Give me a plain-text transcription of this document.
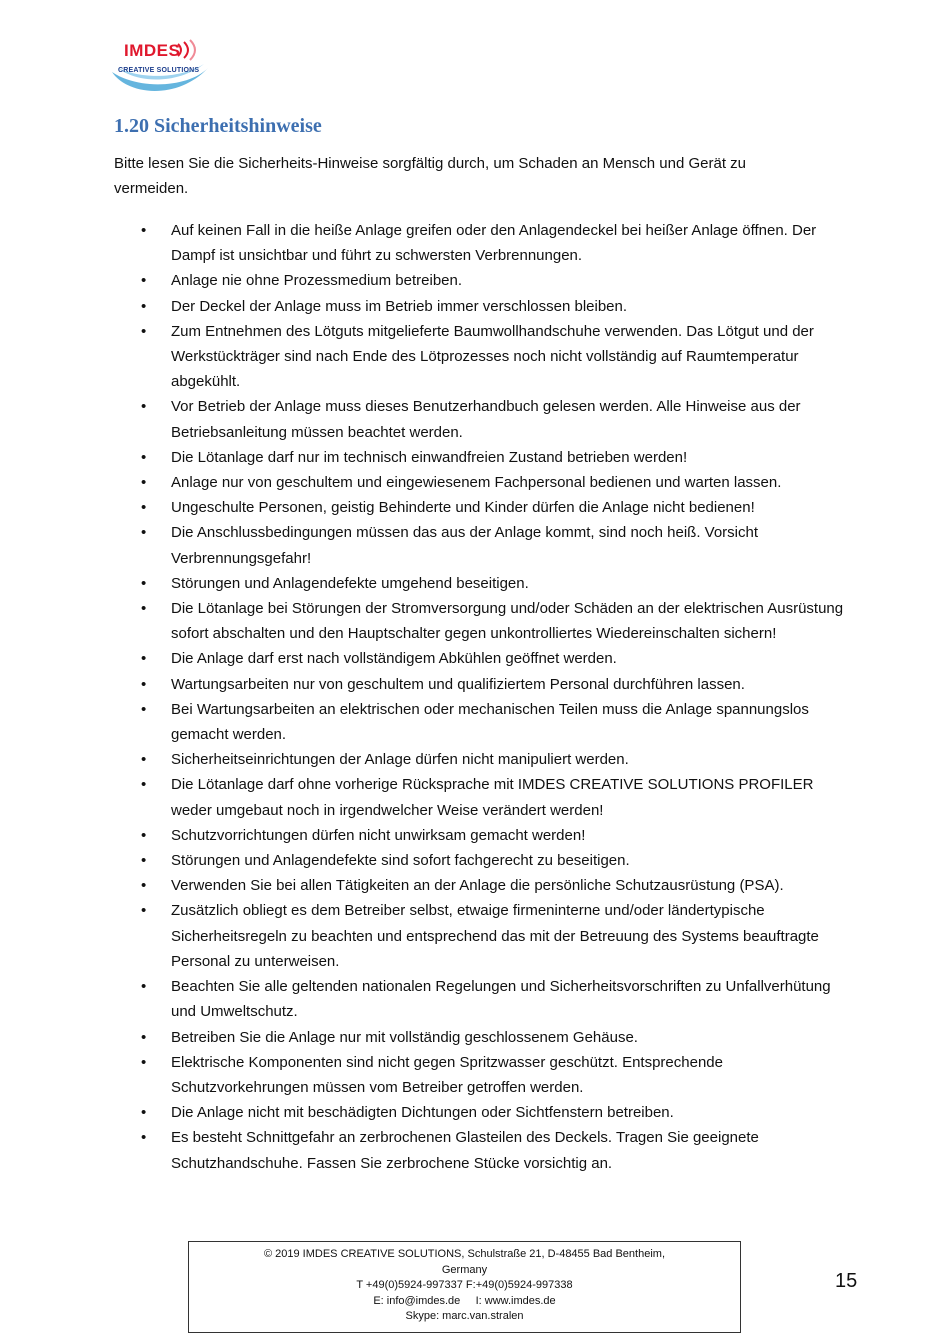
IMDES
CREATIVE SOLUTIONS
1.20 Sicherheitshinweise

Bitte lesen Sie die Sicherheits-Hinweise sorgfältig durch, um Schaden an Mensch und Gerät zu vermeiden.

• Auf keinen Fall in die heiße Anlage greifen oder den Anlagendeckel bei heißer Anlage öffnen. Der Dampf ist unsichtbar und führt zu schwersten Verbrennungen.
• Anlage nie ohne Prozessmedium betreiben.
• Der Deckel der Anlage muss im Betrieb immer verschlossen bleiben.
• Zum Entnehmen des Lötguts mitgelieferte Baumwollhandschuhe verwenden. Das Lötgut und der Werkstückträger sind nach Ende des Lötprozesses noch nicht vollständig auf Raumtemperatur abgekühlt.
• Vor Betrieb der Anlage muss dieses Benutzerhandbuch gelesen werden. Alle Hinweise aus der Betriebsanleitung müssen beachtet werden.
• Die Lötanlage darf nur im technisch einwandfreien Zustand betrieben werden!
• Anlage nur von geschultem und eingewiesenem Fachpersonal bedienen und warten lassen.
• Ungeschulte Personen, geistig Behinderte und Kinder dürfen die Anlage nicht bedienen!
• Die Anschlussbedingungen müssen das aus der Anlage kommt, sind noch heiß. Vorsicht Verbrennungsgefahr!
• Störungen und Anlagendefekte umgehend beseitigen.
• Die Lötanlage bei Störungen der Stromversorgung und/oder Schäden an der elektrischen Ausrüstung sofort abschalten und den Hauptschalter gegen unkontrolliertes Wiedereinschalten sichern!
• Die Anlage darf erst nach vollständigem Abkühlen geöffnet werden.
• Wartungsarbeiten nur von geschultem und qualifiziertem Personal durchführen lassen.
• Bei Wartungsarbeiten an elektrischen oder mechanischen Teilen muss die Anlage spannungslos gemacht werden.
• Sicherheitseinrichtungen der Anlage dürfen nicht manipuliert werden.
• Die Lötanlage darf ohne vorherige Rücksprache mit IMDES CREATIVE SOLUTIONS PROFILER weder umgebaut noch in irgendwelcher Weise verändert werden!
• Schutzvorrichtungen dürfen nicht unwirksam gemacht werden!
• Störungen und Anlagendefekte sind sofort fachgerecht zu beseitigen.
• Verwenden Sie bei allen Tätigkeiten an der Anlage die persönliche Schutzausrüstung (PSA).
• Zusätzlich obliegt es dem Betreiber selbst, etwaige firmeninterne und/oder ländertypische Sicherheitsregeln zu beachten und entsprechend das mit der Betreuung des Systems beauftragte Personal zu unterweisen.
• Beachten Sie alle geltenden nationalen Regelungen und Sicherheitsvorschriften zu Unfallverhütung und Umweltschutz.
• Betreiben Sie die Anlage nur mit vollständig geschlossenem Gehäuse.
• Elektrische Komponenten sind nicht gegen Spritzwasser geschützt. Entsprechende Schutzvorkehrungen müssen vom Betreiber getroffen werden.
• Die Anlage nicht mit beschädigten Dichtungen oder Sichtfenstern betreiben.
• Es besteht Schnittgefahr an zerbrochenen Glasteilen des Deckels. Tragen Sie geeignete Schutzhandschuhe. Fassen Sie zerbrochene Stücke vorsichtig an.
© 2019 IMDES CREATIVE SOLUTIONS, Schulstraße 21, D-48455 Bad Bentheim,
Germany
T +49(0)5924-997337 F:+49(0)5924-997338
E: info@imdes.de     I: www.imdes.de
Skype: marc.van.stralen
15
